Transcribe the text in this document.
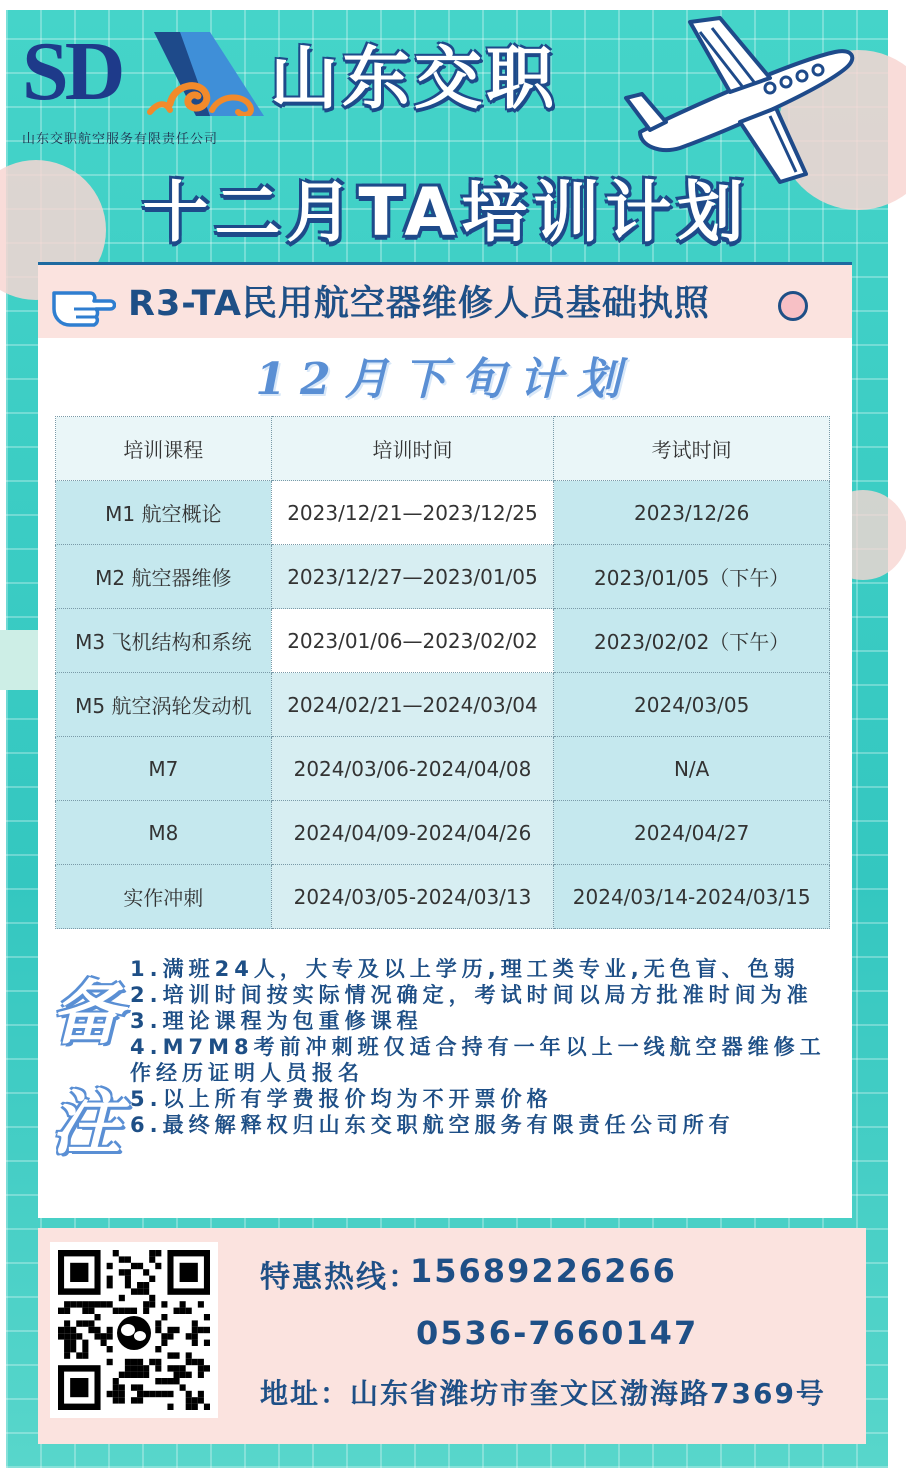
SD
山东交职航空服务有限责任公司
山东交职
十二月TA培训计划
R3-TA民用航空器维修人员基础执照
12月下旬计划
培训课程	培训时间	考试时间
M1 航空概论	2023/12/21—2023/12/25	2023/12/26
M2 航空器维修	2023/12/27—2023/01/05	2023/01/05（下午）
M3 飞机结构和系统	2023/01/06—2023/02/02	2023/02/02（下午）
M5 航空涡轮发动机	2024/02/21—2024/03/04	2024/03/05
M7	2024/03/06-2024/04/08	N/A
M8	2024/04/09-2024/04/26	2024/04/27
实作冲刺	2024/03/05-2024/03/13	2024/03/14-2024/03/15
备
注
1.满班24人，大专及以上学历,理工类专业,无色盲、色弱
2.培训时间按实际情况确定，考试时间以局方批准时间为准
3.理论课程为包重修课程
4.M7M8考前冲刺班仅适合持有一年以上一线航空器维修工作经历证明人员报名
5.以上所有学费报价均为不开票价格
6.最终解释权归山东交职航空服务有限责任公司所有
特惠热线：
15689226266
0536-7660147
地址：山东省潍坊市奎文区渤海路7369号
